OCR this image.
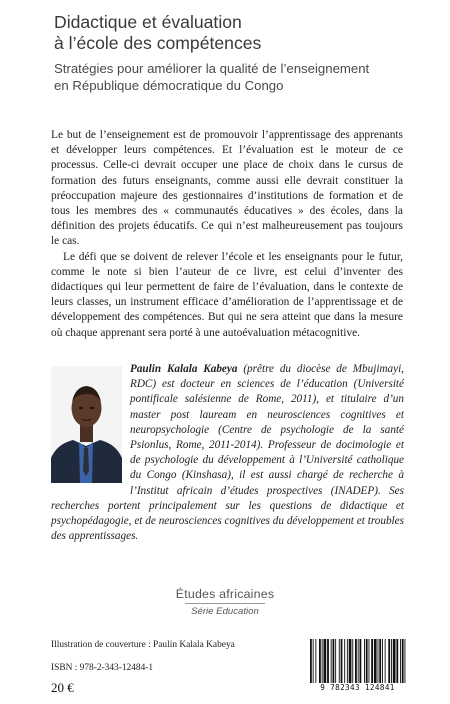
Didactique et évaluation
à l’école des compétences
Stratégies pour améliorer la qualité de l’enseignement
en République démocratique du Congo

Le but de l’enseignement est de promouvoir l’apprentissage des apprenants et développer leurs compétences. Et l’évaluation est le moteur de ce processus. Celle-ci devrait occuper une place de choix dans le cursus de formation des futurs enseignants, comme aussi elle devrait constituer la préoccupation majeure des gestionnaires d’institutions de formation et de tous les membres des « communautés éducatives » des écoles, dans la définition des projets éducatifs. Ce qui n’est malheureusement pas toujours le cas.

Le défi que se doivent de relever l’école et les enseignants pour le futur, comme le note si bien l’auteur de ce livre, est celui d’inventer des didactiques qui leur permettent de faire de l’évaluation, dans le contexte de leurs classes, un instrument efficace d’amélioration de l’apprentissage et de développement des compétences. But qui ne sera atteint que dans la mesure où chaque apprenant sera porté à une autoévaluation métacognitive.

Paulin Kalala Kabeya (prêtre du diocèse de Mbujimayi, RDC) est docteur en sciences de l’éducation (Université pontificale salésienne de Rome, 2011), et titulaire d’un master post lauream en neurosciences cognitives et neuropsychologie (Centre de psychologie de la santé Psionlus, Rome, 2011-2014). Professeur de docimologie et de psychologie du développement à l’Université catholique du Congo (Kinshasa), il est aussi chargé de recherche à l’Institut africain d’études prospectives (INADEP). Ses recherches portent principalement sur les questions de didactique et psychopédagogie, et de neurosciences cognitives du développement et troubles des apprentissages.
Études africaines
Série Education
Illustration de couverture : Paulin Kalala Kabeya
ISBN : 978-2-343-12484-1
20 €	9 782343 124841
